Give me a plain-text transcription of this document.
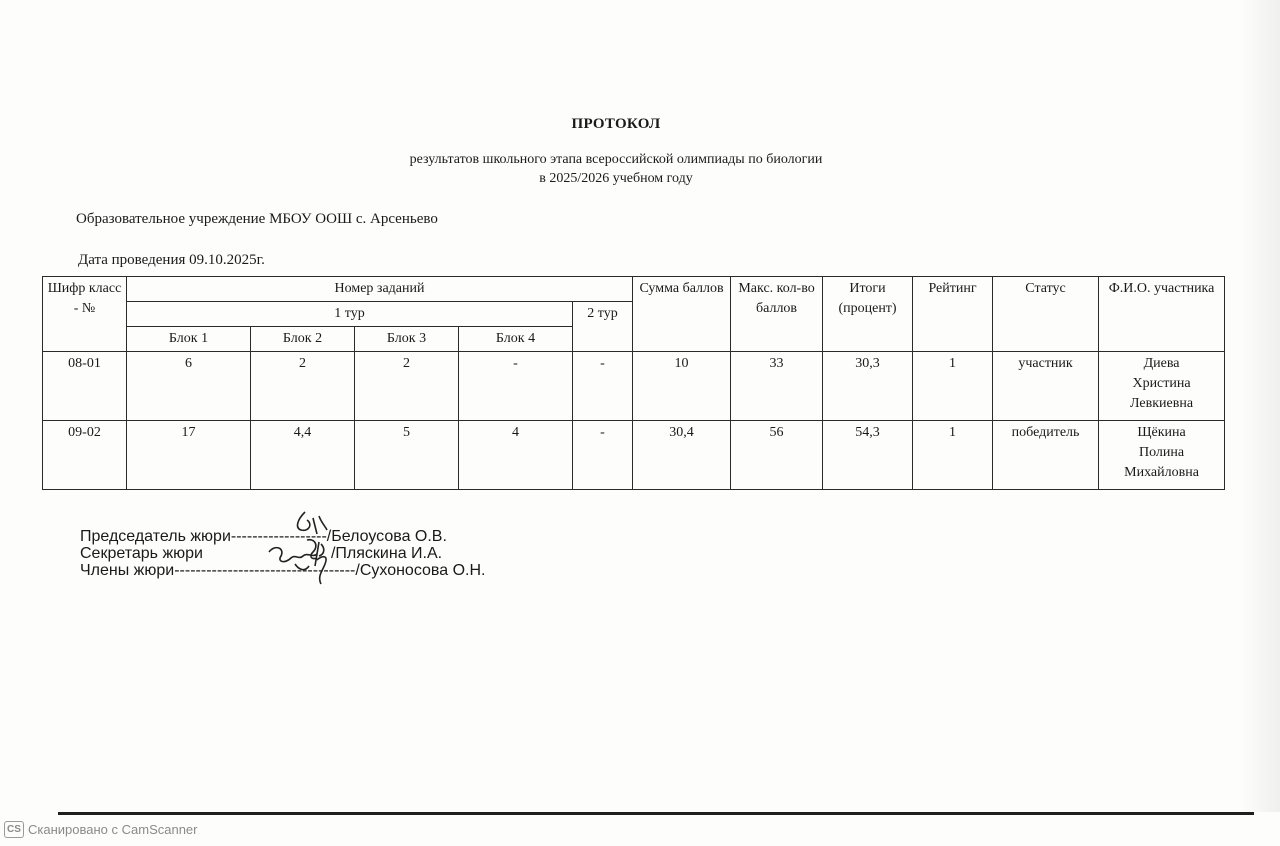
ПРОТОКОЛ
результатов школьного этапа всероссийской олимпиады по биологии
в 2025/2026 учебном году
Образовательное учреждение МБОУ ООШ с. Арсеньево
Дата проведения 09.10.2025г.
Шифр класс - №	Номер заданий					Сумма баллов	Макс. кол-во баллов	Итоги (процент)	Рейтинг	Статус	Ф.И.О. участника
	1 тур				2 тур						
	Блок 1	Блок 2	Блок 3	Блок 4							
08-01	6	2	2	-	-	10	33	30,3	1	участник	Диева
Христина
Левкиевна

09-02	17	4,4	5	4	-	30,4	56	54,3	1	победитель	Щёкина
Полина
Михайловна
Председатель жюри------------------/Белоусова О.В.
Секретарь жюри	/Пляскина И.А.
Члены жюри----------------------------------/Сухоносова О.Н.
CS Сканировано с CamScanner
